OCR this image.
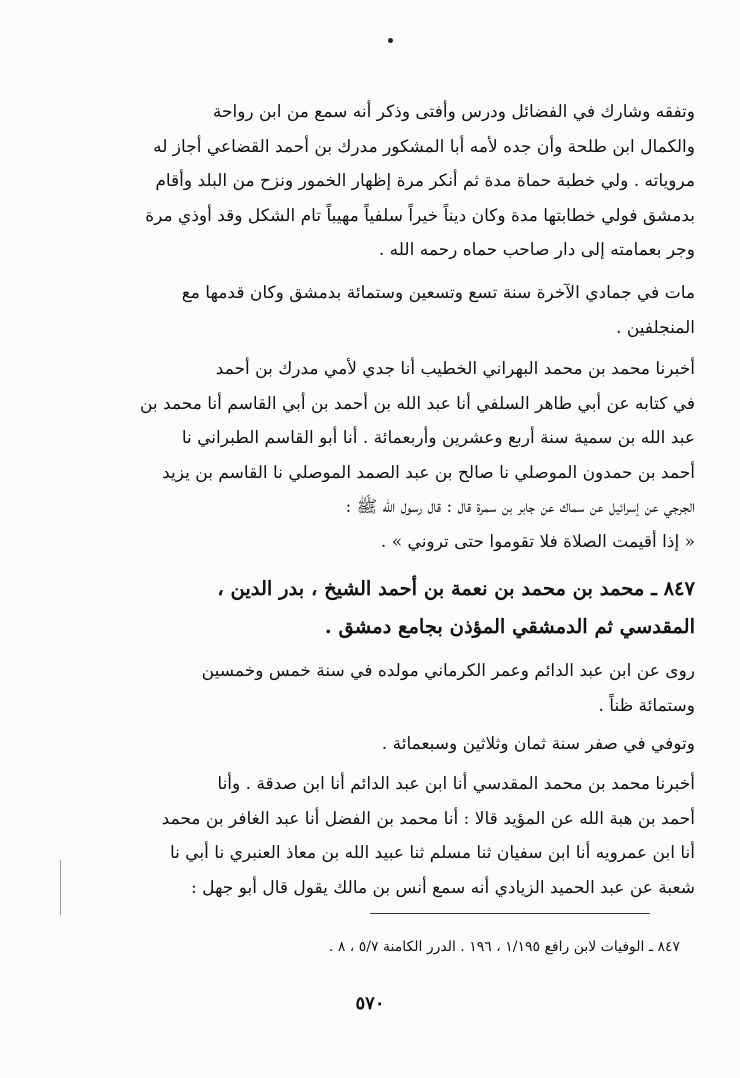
وتفقه وشارك في الفضائل ودرس وأفتى وذكر أنه سمع من ابن رواحة
والكمال ابن طلحة وأن جده لأمه أبا المشكور مدرك بن أحمد القضاعي أجاز له
مروياته . ولي خطبة حماة مدة ثم أنكر مرة إظهار الخمور ونزح من البلد وأقام
بدمشق فولي خطابتها مدة وكان ديناً خيراً سلفياً مهيباً تام الشكل وقد أوذي مرة
وجر بعمامته إلى دار صاحب حماه رحمه الله .
مات في جمادي الآخرة سنة تسع وتسعين وستمائة بدمشق وكان قدمها مع
المنجلفين .
أخبرنا محمد بن محمد البهراني الخطيب أنا جدي لأمي مدرك بن أحمد
في كتابه عن أبي طاهر السلفي أنا عبد الله بن أحمد بن أبي القاسم أنا محمد بن
عبد الله بن سمية سنة أربع وعشرين وأربعمائة . أنا أبو القاسم الطبراني نا
أحمد بن حمدون الموصلي نا صالح بن عبد الصمد الموصلي نا القاسم بن يزيد
الجرجي عن إسرائيل عن سماك عن جابر بن سمرة قال : قال رسول الله ﷺ :
« إذا أقيمت الصلاة فلا تقوموا حتى تروني » .
٨٤٧ ـ محمد بن محمد بن نعمة بن أحمد الشيخ ، بدر الدين ،
المقدسي ثم الدمشقي المؤذن بجامع دمشق .
روى عن ابن عبد الدائم وعمر الكرماني مولده في سنة خمس وخمسين
وستمائة ظناً .
وتوفي في صفر سنة ثمان وثلاثين وسبعمائة .
أخبرنا محمد بن محمد المقدسي أنا ابن عبد الدائم أنا ابن صدقة . وأنا
أحمد بن هبة الله عن المؤيد قالا : أنا محمد بن الفضل أنا عبد الغافر بن محمد
أنا ابن عمرويه أنا ابن سفيان ثنا مسلم ثنا عبيد الله بن معاذ العنبري نا أبي نا
شعبة عن عبد الحميد الزيادي أنه سمع أنس بن مالك يقول قال أبو جهل :
٨٤٧ ـ الوفيات لابن رافع ١/١٩٥ ، ١٩٦ . الدرر الكامنة ٥/٧ ، ٨ .
٥٧٠
